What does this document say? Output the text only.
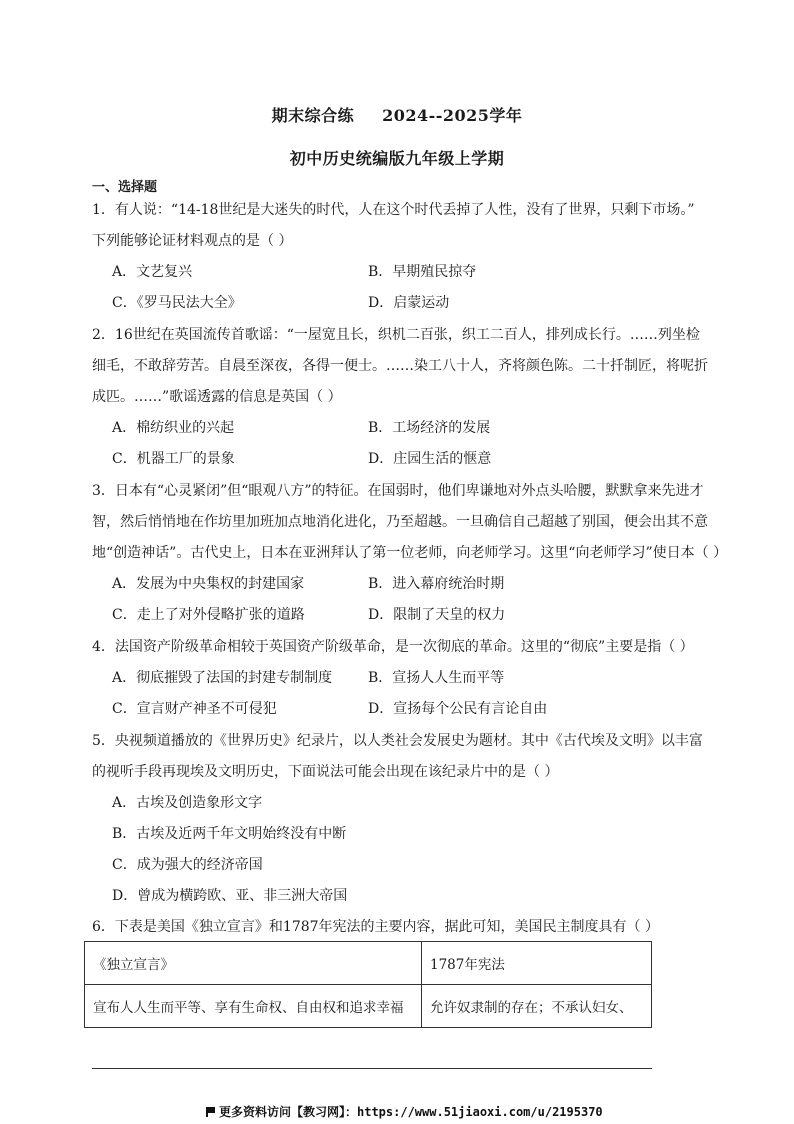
期末综合练 2024--2025学年
初中历史统编版九年级上学期
一、选择题
1．有人说：“14-18世纪是大迷失的时代，人在这个时代丢掉了人性，没有了世界，只剩下市场。”
下列能够论证材料观点的是（ ）
A．文艺复兴	B．早期殖民掠夺
C．《罗马民法大全》	D．启蒙运动
2．16世纪在英国流传首歌谣：“一屋宽且长，织机二百张，织工二百人，排列成长行。……列坐检
细毛，不敢辞劳苦。自晨至深夜，各得一便士。……染工八十人，齐将颜色陈。二十扦制匠，将呢折
成匹。……”歌谣透露的信息是英国（ ）
A．棉纺织业的兴起	B．工场经济的发展
C．机器工厂的景象	D．庄园生活的惬意
3．日本有“心灵紧闭”但“眼观八方”的特征。在国弱时，他们卑谦地对外点头哈腰，默默拿来先进才
智，然后悄悄地在作坊里加班加点地消化进化，乃至超越。一旦确信自己超越了别国，便会出其不意
地“创造神话”。古代史上，日本在亚洲拜认了第一位老师，向老师学习。这里“向老师学习”使日本（ ）
A．发展为中央集权的封建国家	B．进入幕府统治时期
C．走上了对外侵略扩张的道路	D．限制了天皇的权力
4．法国资产阶级革命相较于英国资产阶级革命，是一次彻底的革命。这里的“彻底”主要是指（ ）
A．彻底摧毁了法国的封建专制制度	B．宣扬人人生而平等
C．宣言财产神圣不可侵犯	D．宣扬每个公民有言论自由
5．央视频道播放的《世界历史》纪录片，以人类社会发展史为题材。其中《古代埃及文明》以丰富
的视听手段再现埃及文明历史，下面说法可能会出现在该纪录片中的是（ ）
A．古埃及创造象形文字
B．古埃及近两千年文明始终没有中断
C．成为强大的经济帝国
D．曾成为横跨欧、亚、非三洲大帝国
6．下表是美国《独立宣言》和1787年宪法的主要内容，据此可知，美国民主制度具有（ ）
《独立宣言》	1787年宪法
宣布人人生而平等、享有生命权、自由权和追求幸福	允许奴隶制的存在；不承认妇女、
更多资料访问【教习网】：https://www.51jiaoxi.com/u/2195370
